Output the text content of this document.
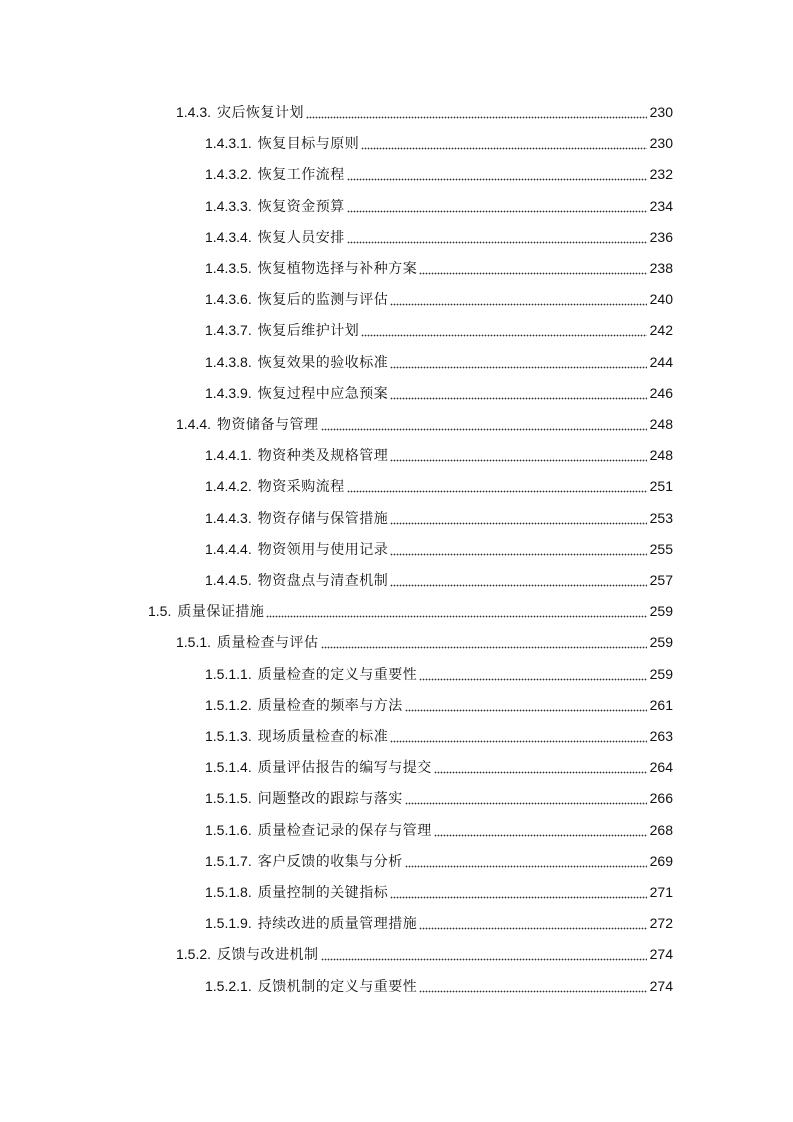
1.4.3. 灾后恢复计划	230
1.4.3.1. 恢复目标与原则	230
1.4.3.2. 恢复工作流程	232
1.4.3.3. 恢复资金预算	234
1.4.3.4. 恢复人员安排	236
1.4.3.5. 恢复植物选择与补种方案	238
1.4.3.6. 恢复后的监测与评估	240
1.4.3.7. 恢复后维护计划	242
1.4.3.8. 恢复效果的验收标准	244
1.4.3.9. 恢复过程中应急预案	246
1.4.4. 物资储备与管理	248
1.4.4.1. 物资种类及规格管理	248
1.4.4.2. 物资采购流程	251
1.4.4.3. 物资存储与保管措施	253
1.4.4.4. 物资领用与使用记录	255
1.4.4.5. 物资盘点与清查机制	257
1.5. 质量保证措施	259
1.5.1. 质量检查与评估	259
1.5.1.1. 质量检查的定义与重要性	259
1.5.1.2. 质量检查的频率与方法	261
1.5.1.3. 现场质量检查的标准	263
1.5.1.4. 质量评估报告的编写与提交	264
1.5.1.5. 问题整改的跟踪与落实	266
1.5.1.6. 质量检查记录的保存与管理	268
1.5.1.7. 客户反馈的收集与分析	269
1.5.1.8. 质量控制的关键指标	271
1.5.1.9. 持续改进的质量管理措施	272
1.5.2. 反馈与改进机制	274
1.5.2.1. 反馈机制的定义与重要性	274
